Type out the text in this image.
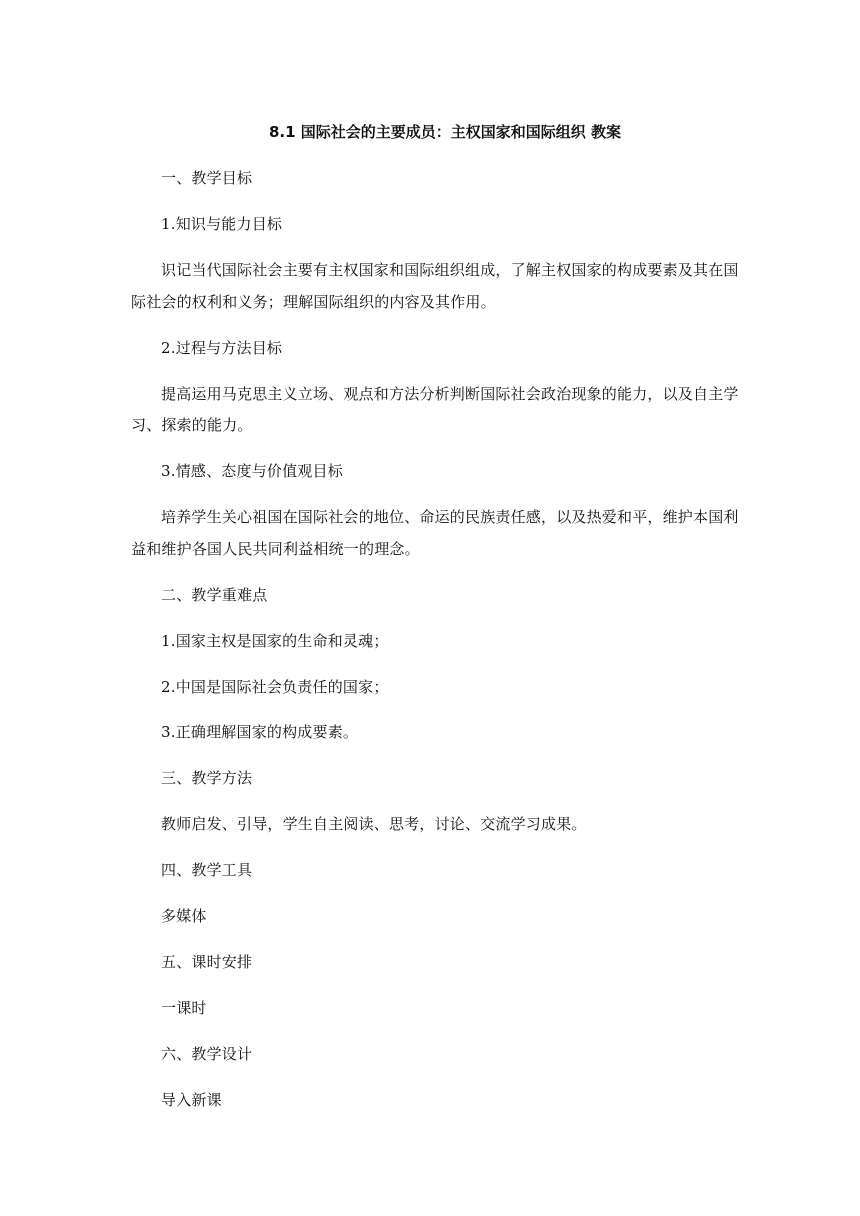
8.1 国际社会的主要成员：主权国家和国际组织 教案
一、教学目标
1.知识与能力目标
识记当代国际社会主要有主权国家和国际组织组成，了解主权国家的构成要素及其在国
际社会的权利和义务；理解国际组织的内容及其作用。
2.过程与方法目标
提高运用马克思主义立场、观点和方法分析判断国际社会政治现象的能力，以及自主学
习、探索的能力。
3.情感、态度与价值观目标
培养学生关心祖国在国际社会的地位、命运的民族责任感，以及热爱和平，维护本国利
益和维护各国人民共同利益相统一的理念。
二、教学重难点
1.国家主权是国家的生命和灵魂；
2.中国是国际社会负责任的国家；
3.正确理解国家的构成要素。
三、教学方法
教师启发、引导，学生自主阅读、思考，讨论、交流学习成果。
四、教学工具
多媒体
五、课时安排
一课时
六、教学设计
导入新课
